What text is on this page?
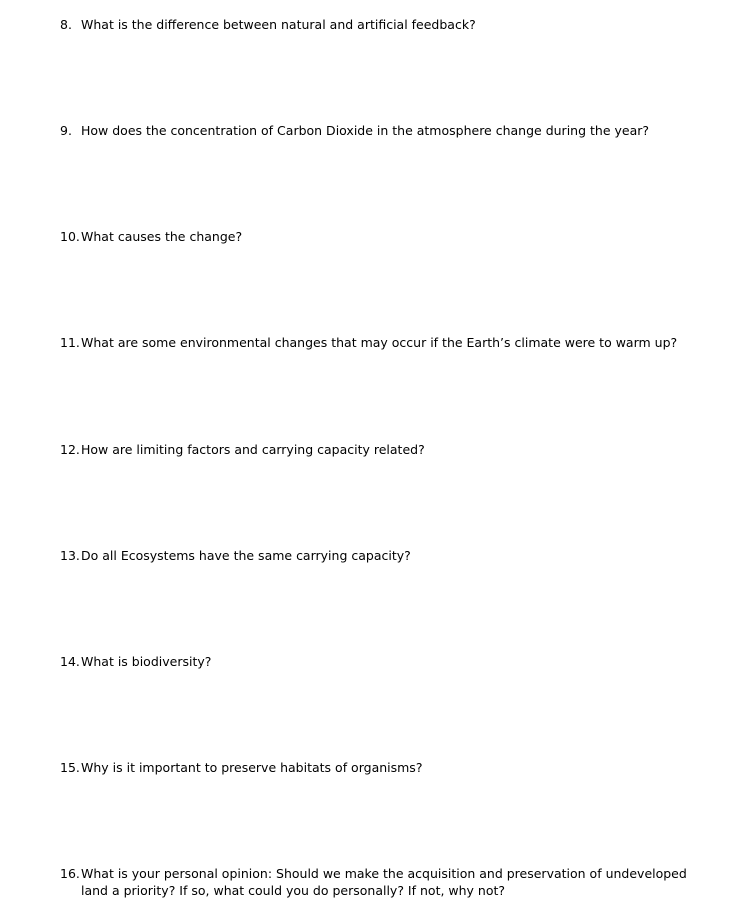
8. What is the difference between natural and artificial feedback?
9. How does the concentration of Carbon Dioxide in the atmosphere change during the year?
10. What causes the change?
11. What are some environmental changes that may occur if the Earth’s climate were to warm up?
12. How are limiting factors and carrying capacity related?
13. Do all Ecosystems have the same carrying capacity?
14. What is biodiversity?
15. Why is it important to preserve habitats of organisms?
16. What is your personal opinion: Should we make the acquisition and preservation of undeveloped land a priority? If so, what could you do personally? If not, why not?
